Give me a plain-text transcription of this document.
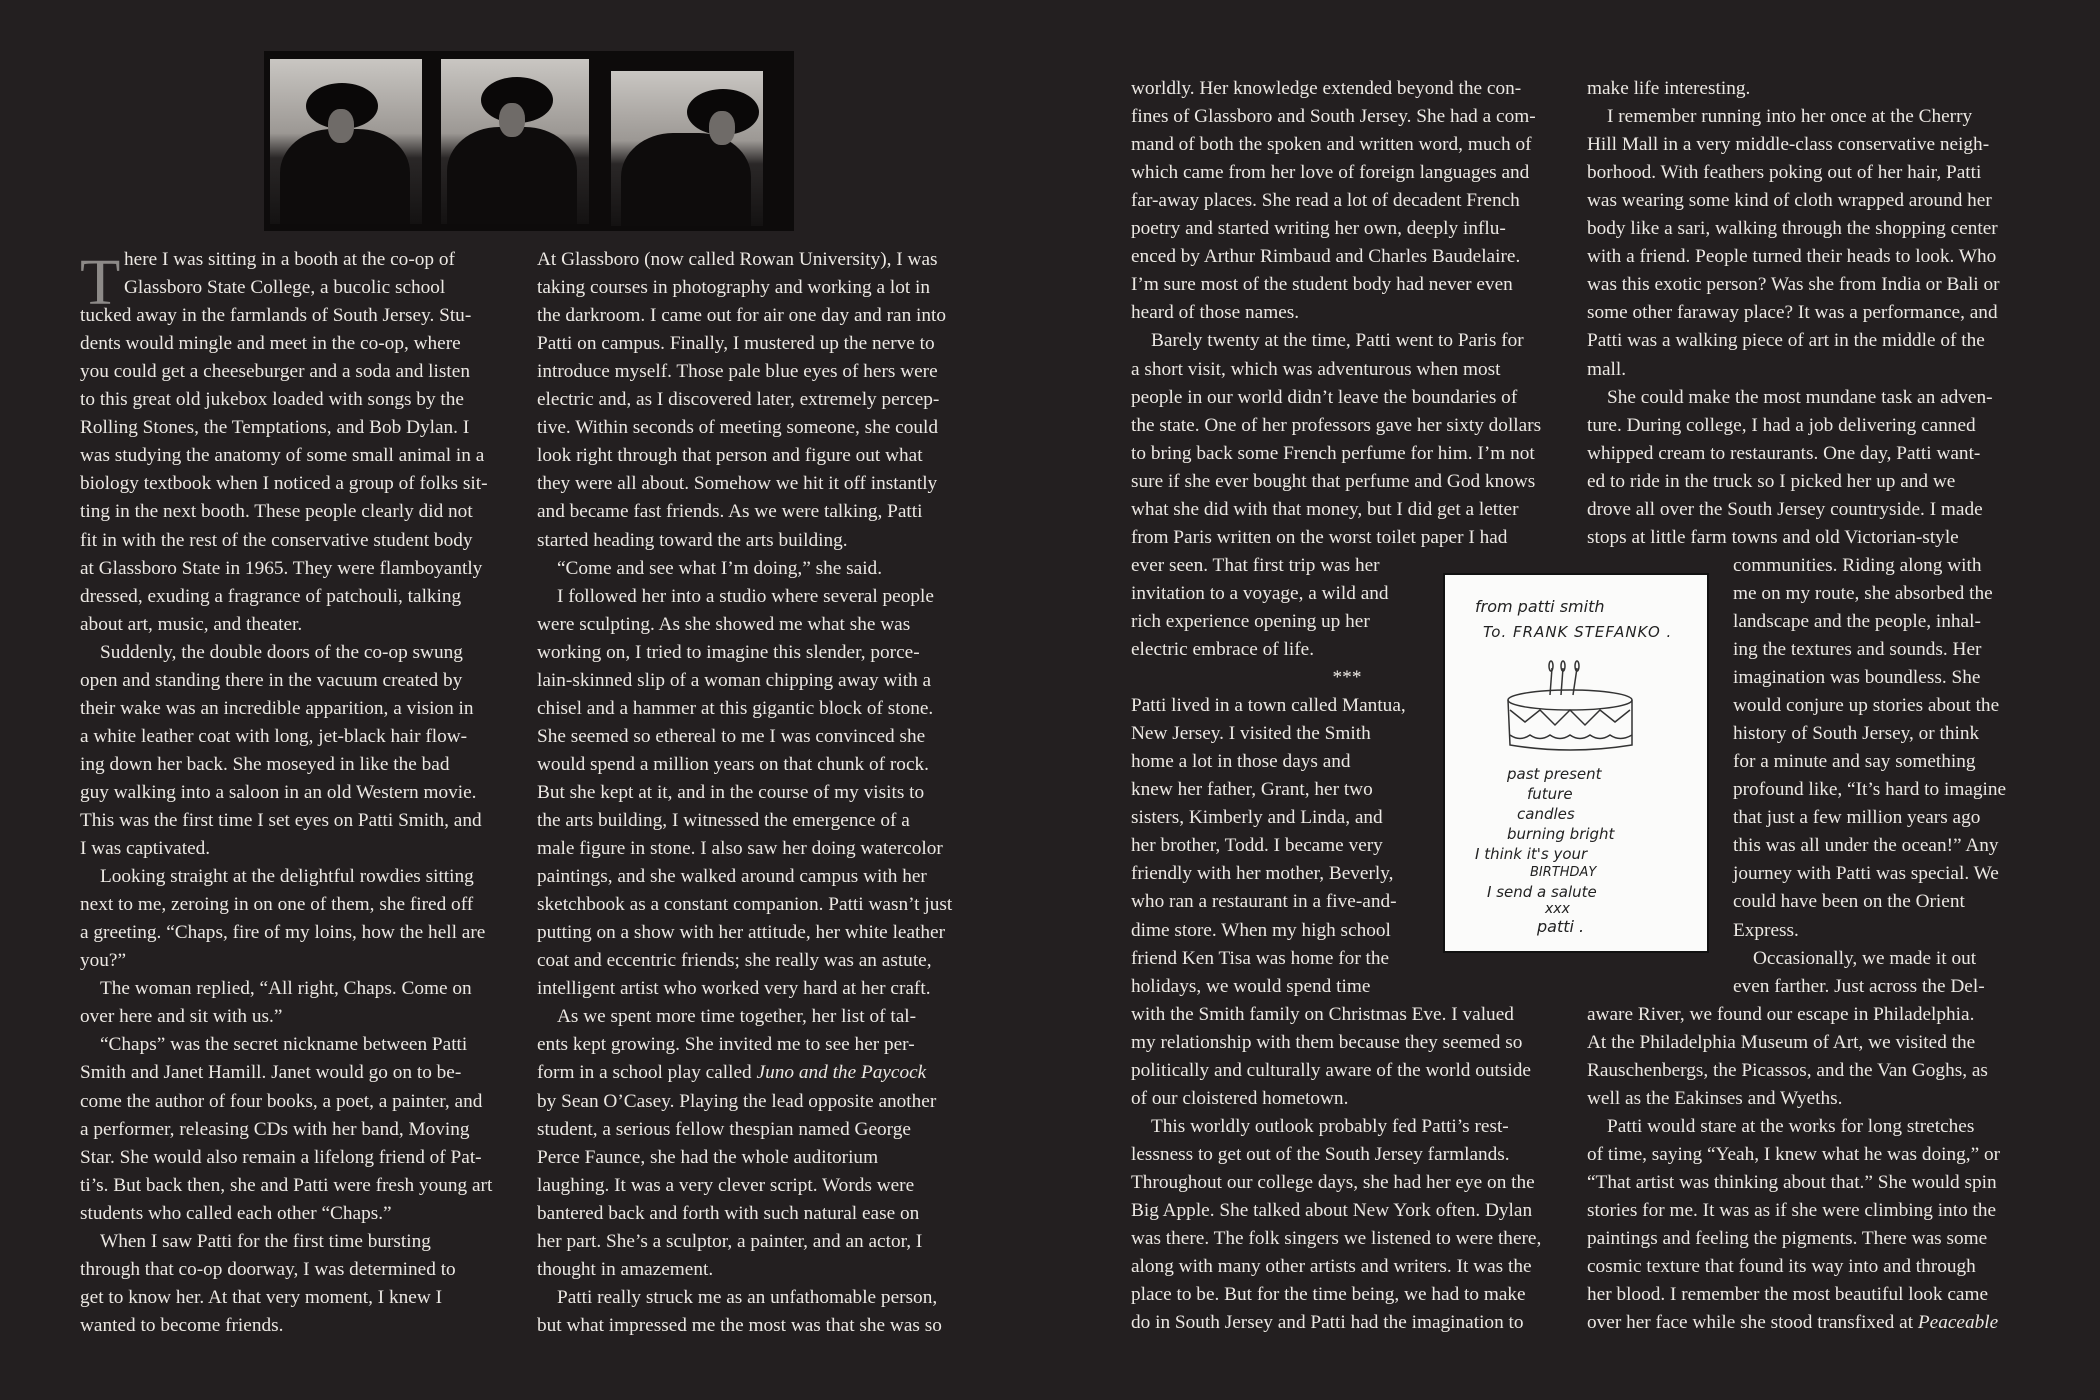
T here I was sitting in a booth at the co-op of
Glassboro State College, a bucolic school
tucked away in the farmlands of South Jersey. Stu-
dents would mingle and meet in the co-op, where
you could get a cheeseburger and a soda and listen
to this great old jukebox loaded with songs by the
Rolling Stones, the Temptations, and Bob Dylan. I
was studying the anatomy of some small animal in a
biology textbook when I noticed a group of folks sit-
ting in the next booth. These people clearly did not
fit in with the rest of the conservative student body
at Glassboro State in 1965. They were flamboyantly
dressed, exuding a fragrance of patchouli, talking
about art, music, and theater.
Suddenly, the double doors of the co-op swung
open and standing there in the vacuum created by
their wake was an incredible apparition, a vision in
a white leather coat with long, jet-black hair flow-
ing down her back. She moseyed in like the bad
guy walking into a saloon in an old Western movie.
This was the first time I set eyes on Patti Smith, and
I was captivated.
Looking straight at the delightful rowdies sitting
next to me, zeroing in on one of them, she fired off
a greeting. “Chaps, fire of my loins, how the hell are
you?”
The woman replied, “All right, Chaps. Come on
over here and sit with us.”
“Chaps” was the secret nickname between Patti
Smith and Janet Hamill. Janet would go on to be-
come the author of four books, a poet, a painter, and
a performer, releasing CDs with her band, Moving
Star. She would also remain a lifelong friend of Pat-
ti’s. But back then, she and Patti were fresh young art
students who called each other “Chaps.”
When I saw Patti for the first time bursting
through that co-op doorway, I was determined to
get to know her. At that very moment, I knew I
wanted to become friends.
At Glassboro (now called Rowan University), I was
taking courses in photography and working a lot in
the darkroom. I came out for air one day and ran into
Patti on campus. Finally, I mustered up the nerve to
introduce myself. Those pale blue eyes of hers were
electric and, as I discovered later, extremely percep-
tive. Within seconds of meeting someone, she could
look right through that person and figure out what
they were all about. Somehow we hit it off instantly
and became fast friends. As we were talking, Patti
started heading toward the arts building.
“Come and see what I’m doing,” she said.
I followed her into a studio where several people
were sculpting. As she showed me what she was
working on, I tried to imagine this slender, porce-
lain-skinned slip of a woman chipping away with a
chisel and a hammer at this gigantic block of stone.
She seemed so ethereal to me I was convinced she
would spend a million years on that chunk of rock.
But she kept at it, and in the course of my visits to
the arts building, I witnessed the emergence of a
male figure in stone. I also saw her doing watercolor
paintings, and she walked around campus with her
sketchbook as a constant companion. Patti wasn’t just
putting on a show with her attitude, her white leather
coat and eccentric friends; she really was an astute,
intelligent artist who worked very hard at her craft.
As we spent more time together, her list of tal-
ents kept growing. She invited me to see her per-
form in a school play called Juno and the Paycock
by Sean O’Casey. Playing the lead opposite another
student, a serious fellow thespian named George
Perce Faunce, she had the whole auditorium
laughing. It was a very clever script. Words were
bantered back and forth with such natural ease on
her part. She’s a sculptor, a painter, and an actor, I
thought in amazement.
Patti really struck me as an unfathomable person,
but what impressed me the most was that she was so
worldly. Her knowledge extended beyond the con-
fines of Glassboro and South Jersey. She had a com-
mand of both the spoken and written word, much of
which came from her love of foreign languages and
far-away places. She read a lot of decadent French
poetry and started writing her own, deeply influ-
enced by Arthur Rimbaud and Charles Baudelaire.
I’m sure most of the student body had never even
heard of those names.
Barely twenty at the time, Patti went to Paris for
a short visit, which was adventurous when most
people in our world didn’t leave the boundaries of
the state. One of her professors gave her sixty dollars
to bring back some French perfume for him. I’m not
sure if she ever bought that perfume and God knows
what she did with that money, but I did get a letter
from Paris written on the worst toilet paper I had
ever seen. That first trip was her
invitation to a voyage, a wild and
rich experience opening up her
electric embrace of life.
***
Patti lived in a town called Mantua,
New Jersey. I visited the Smith
home a lot in those days and
knew her father, Grant, her two
sisters, Kimberly and Linda, and
her brother, Todd. I became very
friendly with her mother, Beverly,
who ran a restaurant in a five-and-
dime store. When my high school
friend Ken Tisa was home for the
holidays, we would spend time
with the Smith family on Christmas Eve. I valued
my relationship with them because they seemed so
politically and culturally aware of the world outside
of our cloistered hometown.
This worldly outlook probably fed Patti’s rest-
lessness to get out of the South Jersey farmlands.
Throughout our college days, she had her eye on the
Big Apple. She talked about New York often. Dylan
was there. The folk singers we listened to were there,
along with many other artists and writers. It was the
place to be. But for the time being, we had to make
do in South Jersey and Patti had the imagination to
make life interesting.
I remember running into her once at the Cherry
Hill Mall in a very middle-class conservative neigh-
borhood. With feathers poking out of her hair, Patti
was wearing some kind of cloth wrapped around her
body like a sari, walking through the shopping center
with a friend. People turned their heads to look. Who
was this exotic person? Was she from India or Bali or
some other faraway place? It was a performance, and
Patti was a walking piece of art in the middle of the
mall.
She could make the most mundane task an adven-
ture. During college, I had a job delivering canned
whipped cream to restaurants. One day, Patti want-
ed to ride in the truck so I picked her up and we
drove all over the South Jersey countryside. I made
stops at little farm towns and old Victorian-style
communities. Riding along with
me on my route, she absorbed the
landscape and the people, inhal-
ing the textures and sounds. Her
imagination was boundless. She
would conjure up stories about the
history of South Jersey, or think
for a minute and say something
profound like, “It’s hard to imagine
that just a few million years ago
this was all under the ocean!” Any
journey with Patti was special. We
could have been on the Orient
Express.
Occasionally, we made it out
even farther. Just across the Del-
aware River, we found our escape in Philadelphia.
At the Philadelphia Museum of Art, we visited the
Rauschenbergs, the Picassos, and the Van Goghs, as
well as the Eakinses and Wyeths.
Patti would stare at the works for long stretches
of time, saying “Yeah, I knew what he was doing,” or
“That artist was thinking about that.” She would spin
stories for me. It was as if she were climbing into the
paintings and feeling the pigments. There was some
cosmic texture that found its way into and through
her blood. I remember the most beautiful look came
over her face while she stood transfixed at Peaceable
from patti smith
To. FRANK STEFANKO .
past present
future
candles
burning bright
I think it's your
BIRTHDAY
I send a salute
xxx
patti .
